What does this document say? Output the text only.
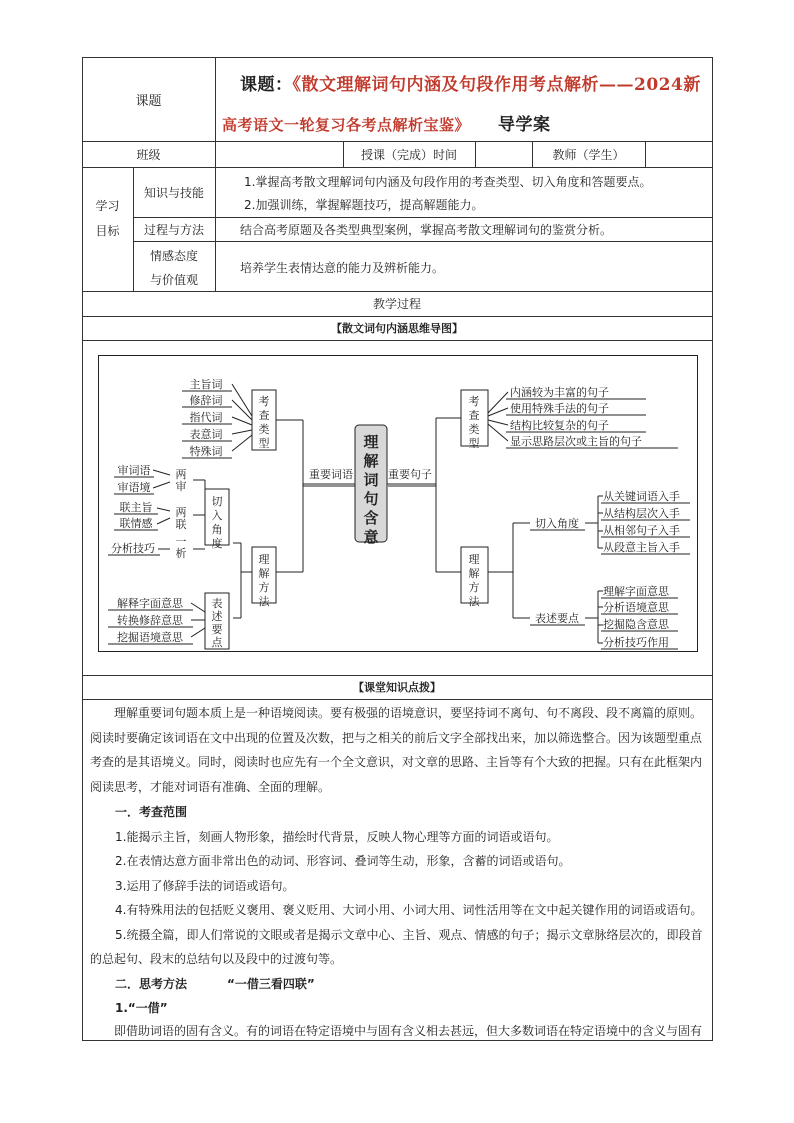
课题
课题：《散文理解词句内涵及句段作用考点解析——2024新
高考语文一轮复习各考点解析宝鉴》 导学案
班级	授课（完成）时间	教师（学生）
学习
目标
知识与技能
1.掌握高考散文理解词句内涵及句段作用的考查类型、切入角度和答题要点。
2.加强训练，掌握解题技巧，提高解题能力。
过程与方法	结合高考原题及各类型典型案例，掌握高考散文理解词句的鉴赏分析。
情感态度
与价值观
培养学生表情达意的能力及辨析能力。
教学过程
【散文词句内涵思维导图】
主旨词
修辞词
指代词
表意词
特殊词
重要词语	重要句子
审词语
审语境
联主旨
联情感
分析技巧
解释字面意思
转换修辞意思
挖掘语境意思
内涵较为丰富的句子
使用特殊手法的句子
结构比较复杂的句子
显示思路层次或主旨的句子
切入角度
表述要点
从关键词语入手
从结构层次入手
从相邻句子入手
从段意主旨入手
理解字面意思
分析语境意思
挖掘隐含意思
分析技巧作用
考查类型
理解方法
切入角度
表述要点
考查类型
理解方法
理解词句含意
两审
两联
一析
【课堂知识点拨】
理解重要词句题本质上是一种语境阅读。要有极强的语境意识，要坚持词不离句、句不离段、段不离篇的原则。
阅读时要确定该词语在文中出现的位置及次数，把与之相关的前后文字全部找出来，加以筛选整合。因为该题型重点
考查的是其语境义。同时，阅读时也应先有一个全文意识，对文章的思路、主旨等有个大致的把握。只有在此框架内
阅读思考，才能对词语有准确、全面的理解。
一．考查范围
1.能揭示主旨，刻画人物形象，描绘时代背景，反映人物心理等方面的词语或语句。
2.在表情达意方面非常出色的动词、形容词、叠词等生动，形象，含蓄的词语或语句。
3.运用了修辞手法的词语或语句。
4.有特殊用法的包括贬义褒用、褒义贬用、大词小用、小词大用、词性活用等在文中起关键作用的词语或语句。
5.统摄全篇，即人们常说的文眼或者是揭示文章中心、主旨、观点、情感的句子；揭示文章脉络层次的，即段首
的总起句、段末的总结句以及段中的过渡句等。
二．思考方法	“一借三看四联”
1.“一借”
即借助词语的固有含义。有的词语在特定语境中与固有含义相去甚远，但大多数词语在特定语境中的含义与固有
